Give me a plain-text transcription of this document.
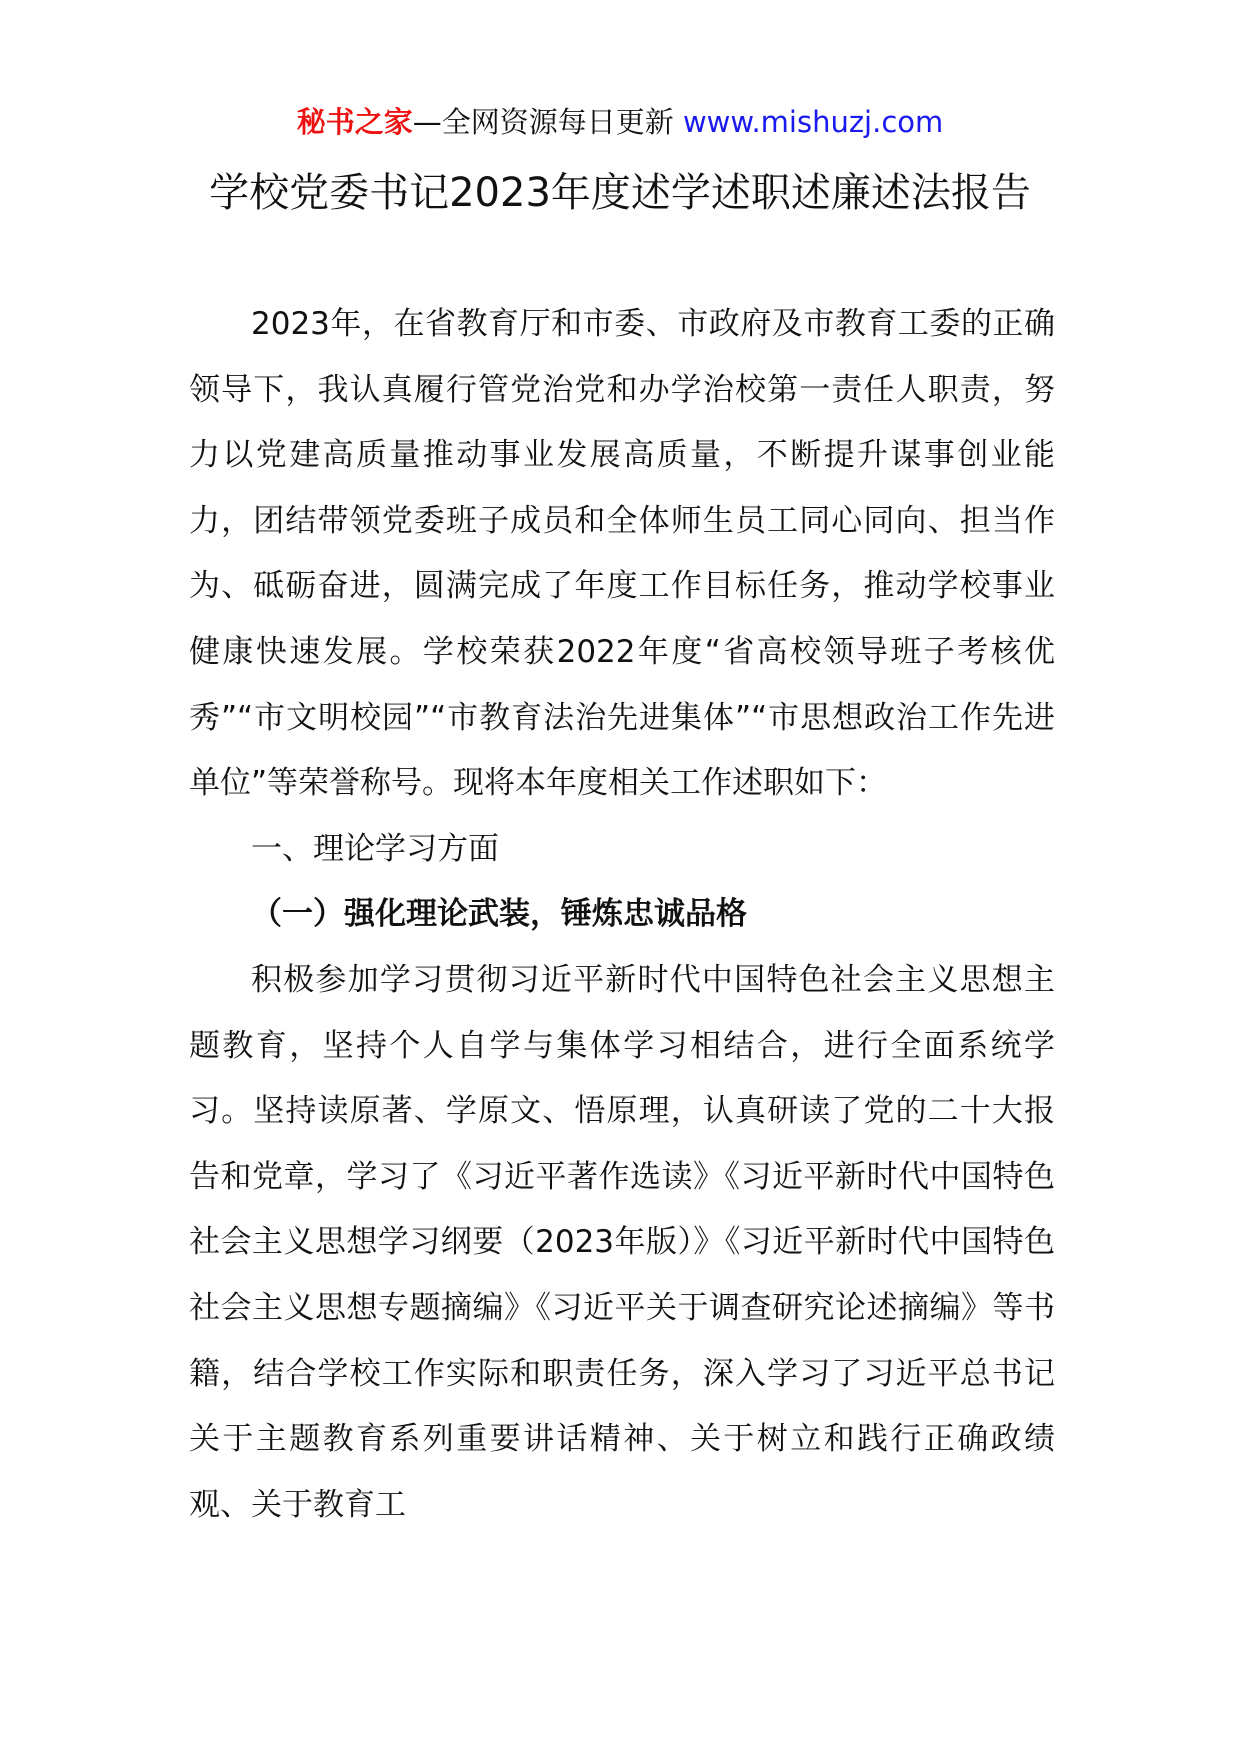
秘书之家—全网资源每日更新 www.mishuzj.com
学校党委书记2023年度述学述职述廉述法报告

2023年，在省教育厅和市委、市政府及市教育工委的正确领导下，我认真履行管党治党和办学治校第一责任人职责，努力以党建高质量推动事业发展高质量，不断提升谋事创业能力，团结带领党委班子成员和全体师生员工同心同向、担当作为、砥砺奋进，圆满完成了年度工作目标任务，推动学校事业健康快速发展。学校荣获2022年度“省高校领导班子考核优秀”“市文明校园”“市教育法治先进集体”“市思想政治工作先进单位”等荣誉称号。现将本年度相关工作述职如下：

一、理论学习方面

（一）强化理论武装，锤炼忠诚品格

积极参加学习贯彻习近平新时代中国特色社会主义思想主题教育，坚持个人自学与集体学习相结合，进行全面系统学习。坚持读原著、学原文、悟原理，认真研读了党的二十大报告和党章，学习了《习近平著作选读》《习近平新时代中国特色社会主义思想学习纲要（2023年版）》《习近平新时代中国特色社会主义思想专题摘编》《习近平关于调查研究论述摘编》等书籍，结合学校工作实际和职责任务，深入学习了习近平总书记关于主题教育系列重要讲话精神、关于树立和践行正确政绩观、关于教育工
